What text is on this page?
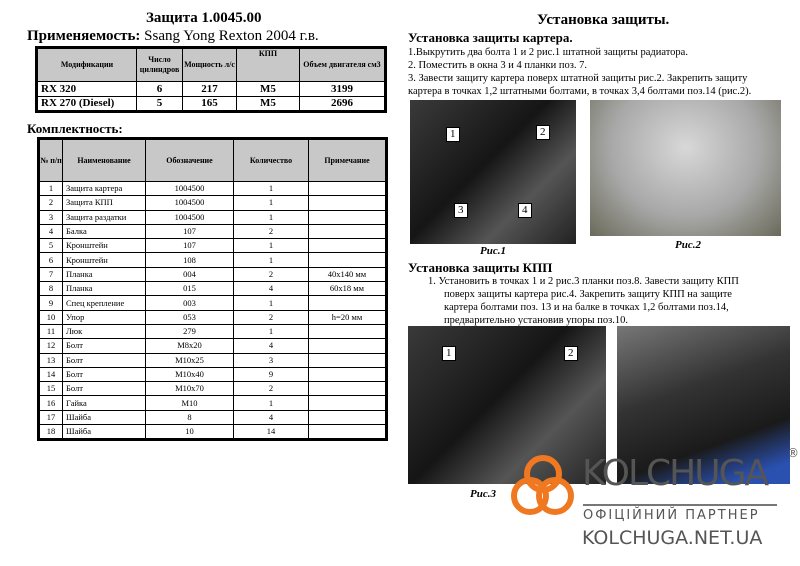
Защита 1.0045.00
Применяемость: Ssang Yong Rexton 2004 г.в.
Модификации	Число цилиндров	Мощность л/с	КПП	Объем двигателя см3
RX 320	6	217	M5	3199
RX 270 (Diesel)	5	165	M5	2696
Комплектность:
№ п/п	Наименование	Обозначение	Количество	Примечание
1	Защита картера	1004500	1	
2	Защита КПП	1004500	1	
3	Защита раздатки	1004500	1	
4	Балка	107	2	
5	Кронштейн	107	1	
6	Кронштейн	108	1	
7	Планка	004	2	40x140 мм
8	Планка	015	4	60x18 мм
9	Спец крепление	003	1	
10	Упор	053	2	h=20 мм
11	Люк	279	1	
12	Болт	M8x20	4	
13	Болт	M10x25	3	
14	Болт	M10x40	9	
15	Болт	M10x70	2	
16	Гайка	M10	1	
17	Шайба	8	4	
18	Шайба	10	14	
Установка защиты.
Установка защиты картера.
1.Выкрутить два болта 1 и 2 рис.1 штатной защиты радиатора.
2. Поместить в окна 3 и 4 планки поз. 7.
3. Завести защиту картера поверх штатной защиты рис.2. Закрепить защиту
картера в точках 1,2 штатными болтами, в точках 3,4 болтами поз.14 (рис.2).
1	2
3	4
Рис.1	Рис.2
Установка защиты КПП
1. Установить в точках 1 и 2 рис.3 планки поз.8. Завести защиту КПП
поверх защиты картера рис.4. Закрепить защиту КПП на защите
картера болтами поз. 13 и на балке в точках 1,2 болтами поз.14,
предварительно установив упоры поз.10.
1	2
Рис.3 KOLCHUGA ®
ОФІЦІЙНИЙ ПАРТНЕР
KOLCHUGA.NET.UA
